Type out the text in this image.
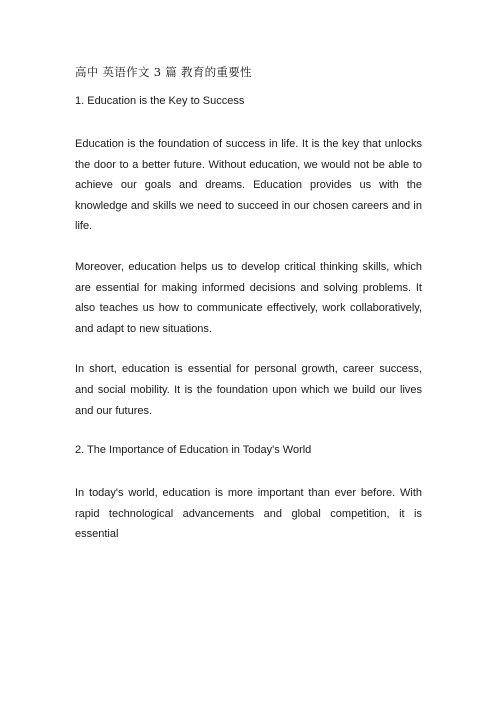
高中 英语作文 3 篇 教育的重要性
1. Education is the Key to Success

Education is the foundation of success in life. It is the key that unlocks the door to a better future. Without education, we would not be able to achieve our goals and dreams. Education provides us with the knowledge and skills we need to succeed in our chosen careers and in life.

Moreover, education helps us to develop critical thinking skills, which are essential for making informed decisions and solving problems. It also teaches us how to communicate effectively, work collaboratively, and adapt to new situations.

In short, education is essential for personal growth, career success, and social mobility. It is the foundation upon which we build our lives and our futures.

2. The Importance of Education in Today's World

In today's world, education is more important than ever before. With rapid technological advancements and global competition, it is essential
